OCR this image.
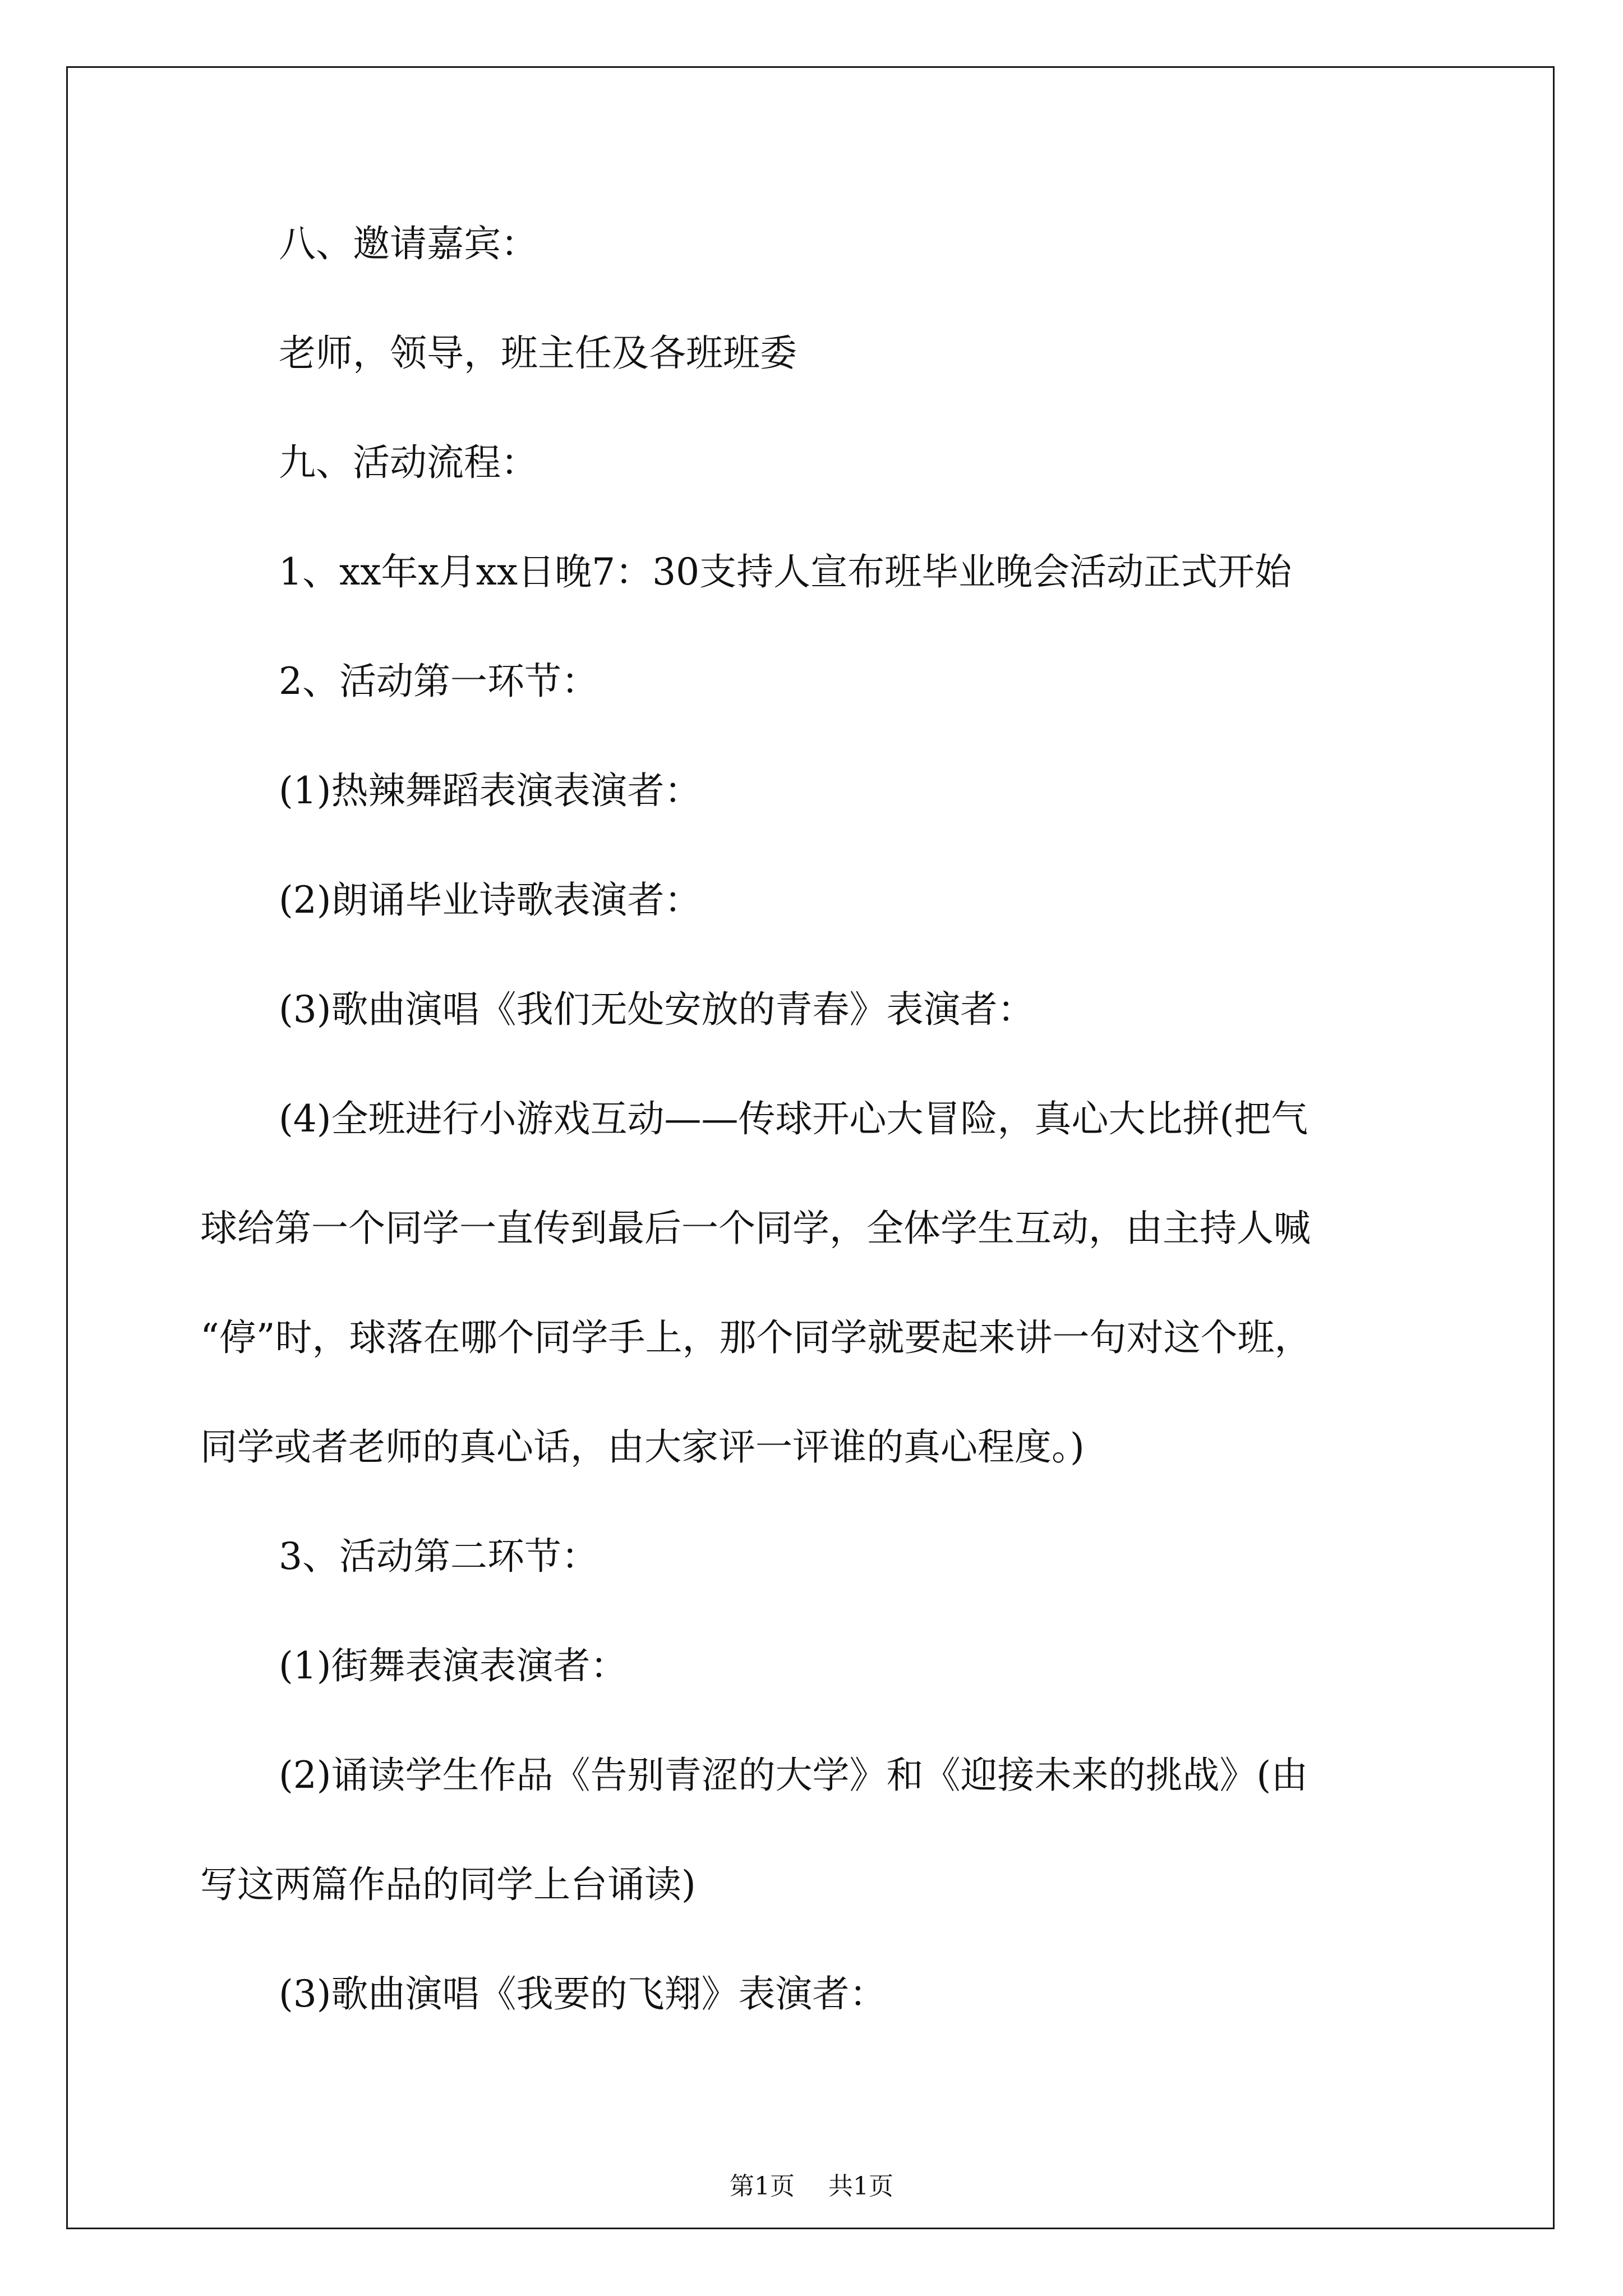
八、邀请嘉宾：

老师，领导，班主任及各班班委

九、活动流程：

1、xx年x月xx日晚7：30支持人宣布班毕业晚会活动正式开始

2、活动第一环节：

(1)热辣舞蹈表演表演者：

(2)朗诵毕业诗歌表演者：

(3)歌曲演唱《我们无处安放的青春》表演者：

(4)全班进行小游戏互动——传球开心大冒险，真心大比拼(把气
球给第一个同学一直传到最后一个同学，全体学生互动，由主持人喊
“停”时，球落在哪个同学手上，那个同学就要起来讲一句对这个班，
同学或者老师的真心话，由大家评一评谁的真心程度。)

3、活动第二环节：

(1)街舞表演表演者：

(2)诵读学生作品《告别青涩的大学》和《迎接未来的挑战》(由
写这两篇作品的同学上台诵读)

(3)歌曲演唱《我要的飞翔》表演者：

第1页 共1页
